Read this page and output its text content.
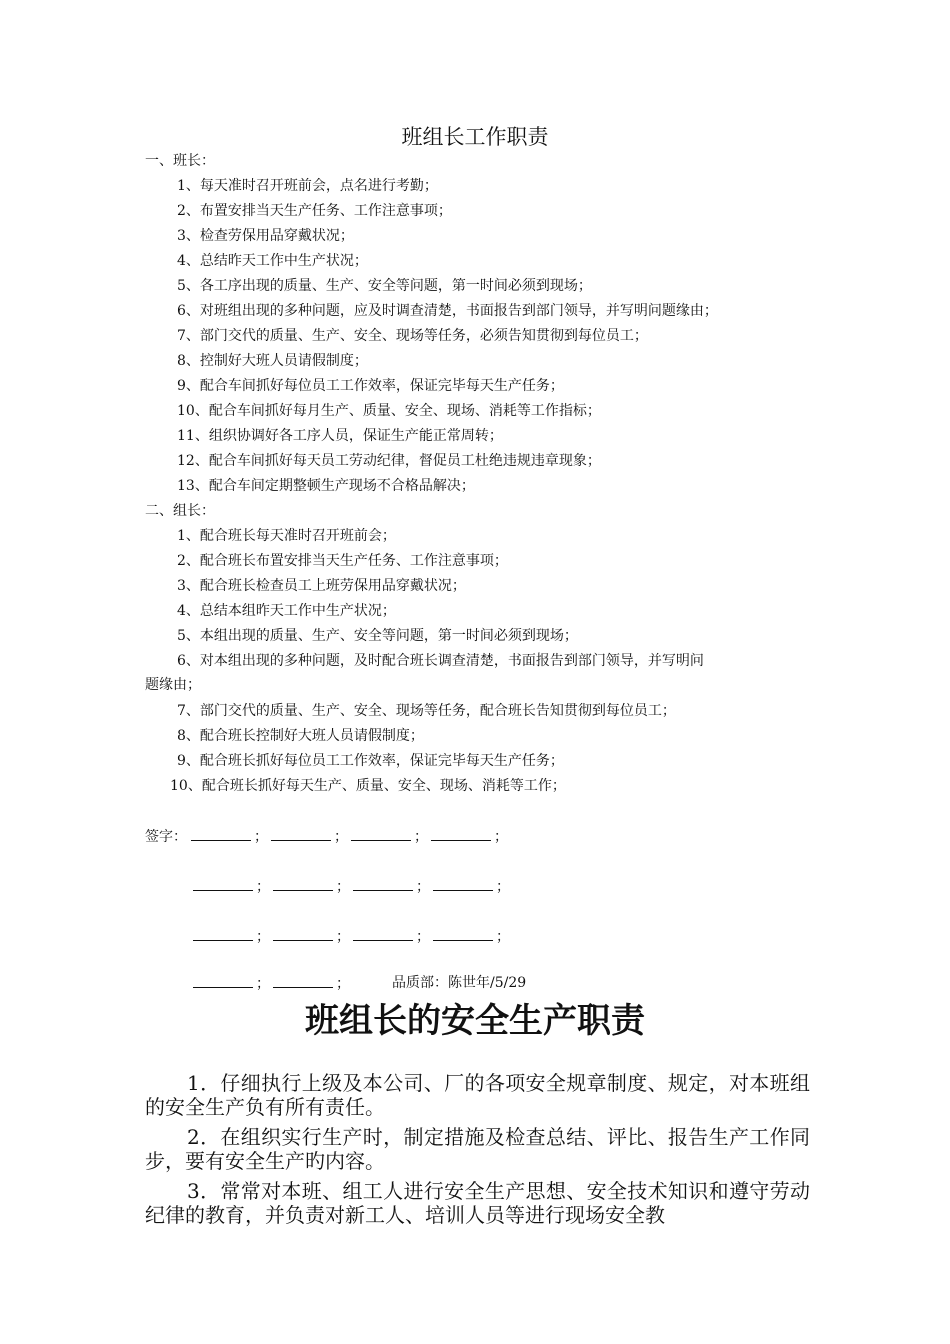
班组长工作职责
一、班长：
1、每天准时召开班前会，点名进行考勤；
2、布置安排当天生产任务、工作注意事项；
3、检查劳保用品穿戴状况；
4、总结昨天工作中生产状况；
5、各工序出现的质量、生产、安全等问题，第一时间必须到现场；
6、对班组出现的多种问题，应及时调查清楚，书面报告到部门领导，并写明问题缘由；
7、部门交代的质量、生产、安全、现场等任务，必须告知贯彻到每位员工；
8、控制好大班人员请假制度；
9、配合车间抓好每位员工工作效率，保证完毕每天生产任务；
10、配合车间抓好每月生产、质量、安全、现场、消耗等工作指标；
11、组织协调好各工序人员，保证生产能正常周转；
12、配合车间抓好每天员工劳动纪律，督促员工杜绝违规违章现象；
13、配合车间定期整顿生产现场不合格品解决；
二、组长：
1、配合班长每天准时召开班前会；
2、配合班长布置安排当天生产任务、工作注意事项；
3、配合班长检查员工上班劳保用品穿戴状况；
4、总结本组昨天工作中生产状况；
5、本组出现的质量、生产、安全等问题，第一时间必须到现场；
6、对本组出现的多种问题，及时配合班长调查清楚，书面报告到部门领导，并写明问
题缘由；
7、部门交代的质量、生产、安全、现场等任务，配合班长告知贯彻到每位员工；
8、配合班长控制好大班人员请假制度；
9、配合班长抓好每位员工工作效率，保证完毕每天生产任务；
10、配合班长抓好每天生产、质量、安全、现场、消耗等工作；
签字：	；	；	；	；
；	；	；	；
；	；	；	；
；	；	品质部：陈世年/5/29
班组长的安全生产职责

1．仔细执行上级及本公司、厂的各项安全规章制度、规定，对本班组的安全生产负有所有责任。

2．在组织实行生产时，制定措施及检查总结、评比、报告生产工作同步，要有安全生产旳内容。

3．常常对本班、组工人进行安全生产思想、安全技术知识和遵守劳动纪律的教育，并负责对新工人、培训人员等进行现场安全教
